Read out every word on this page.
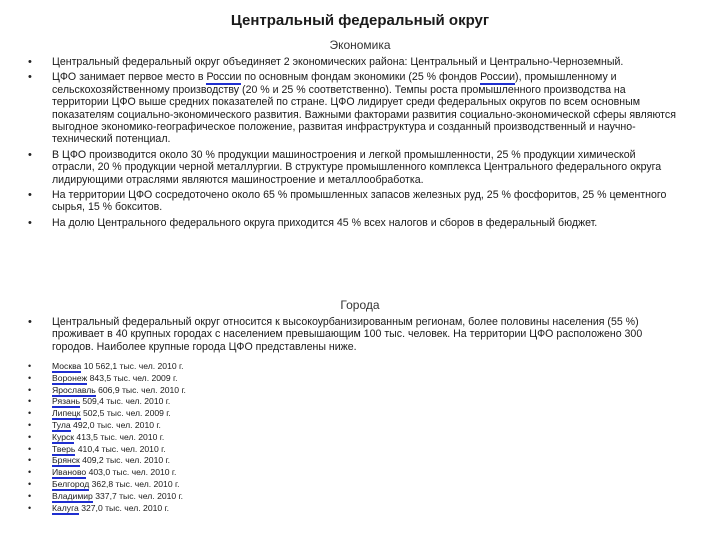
Центральный федеральный округ
Экономика
• Центральный федеральный округ объединяет 2 экономических района: Центральный и Центрально-Черноземный.
• ЦФО занимает первое место в России по основным фондам экономики (25 % фондов России), промышленному и сельскохозяйственному производству (20 % и 25 % соответственно). Темпы роста промышленного производства на территории ЦФО выше средних показателей по стране. ЦФО лидирует среди федеральных округов по всем основным показателям социально-экономического развития. Важными факторами развития социально-экономической сферы являются выгодное экономико-географическое положение, развитая инфраструктура и созданный производственный и научно-технический потенциал.
• В ЦФО производится около 30 % продукции машиностроения и легкой промышленности, 25 % продукции химической отрасли, 20 % продукции черной металлургии. В структуре промышленного комплекса Центрального федерального округа лидирующими отраслями являются машиностроение и металлообработка.
• На территории ЦФО сосредоточено около 65 % промышленных запасов железных руд, 25 % фосфоритов, 25 % цементного сырья, 15 % бокситов.
• На долю Центрального федерального округа приходится 45 % всех налогов и сборов в федеральный бюджет.
Города
• Центральный федеральный округ относится к высокоурбанизированным регионам, более половины населения (55 %) проживает в 40 крупных городах с населением превышающим 100 тыс. человек. На территории ЦФО расположено 300 городов. Наиболее крупные города ЦФО представлены ниже.
• Москва 10 562,1 тыс. чел. 2010 г.
• Воронеж 843,5 тыс. чел. 2009 г.
• Ярославль 606,9 тыс. чел. 2010 г.
• Рязань 509,4 тыс. чел. 2010 г.
• Липецк 502,5 тыс. чел. 2009 г.
• Тула 492,0 тыс. чел. 2010 г.
• Курск 413,5 тыс. чел. 2010 г.
• Тверь 410,4 тыс. чел. 2010 г.
• Брянск 409,2 тыс. чел. 2010 г.
• Иваново 403,0 тыс. чел. 2010 г.
• Белгород 362,8 тыс. чел. 2010 г.
• Владимир 337,7 тыс. чел. 2010 г.
• Калуга 327,0 тыс. чел. 2010 г.
